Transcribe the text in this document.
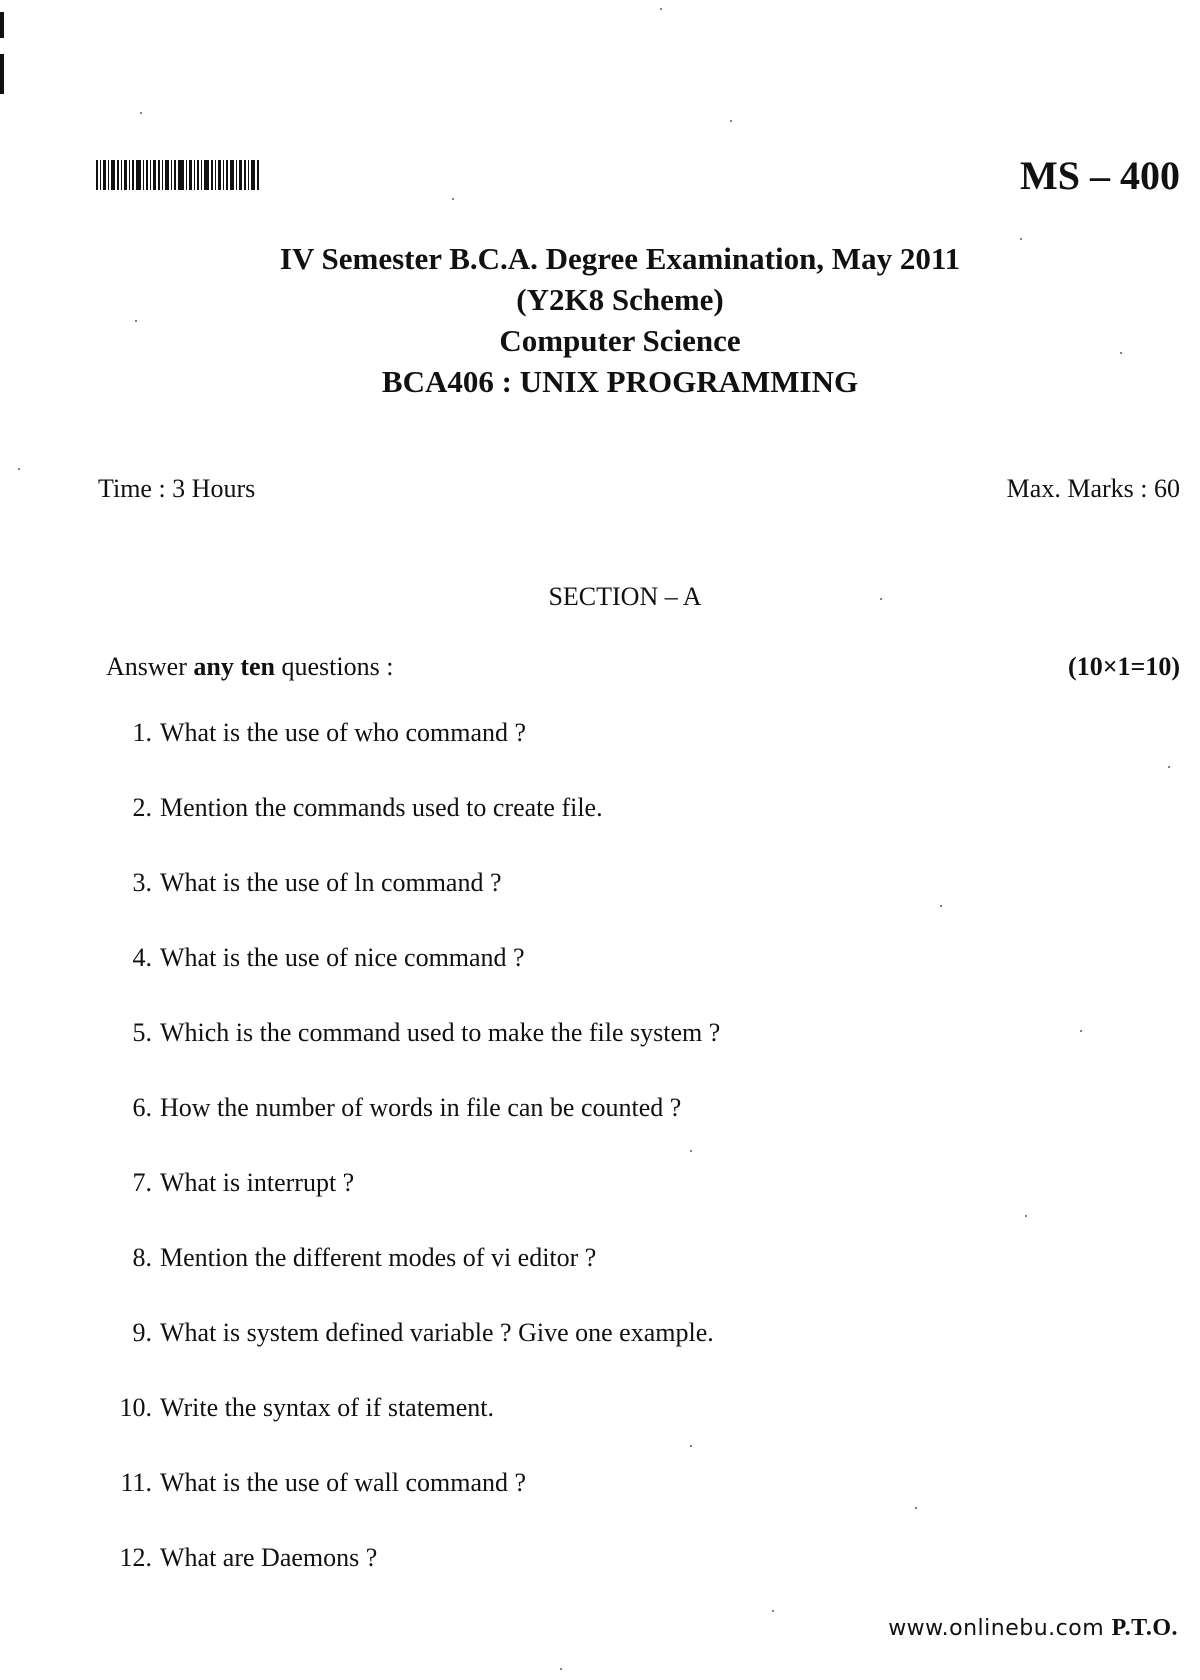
MS – 400
IV Semester B.C.A. Degree Examination, May 2011
(Y2K8 Scheme)
Computer Science
BCA406 : UNIX PROGRAMMING
Time : 3 Hours	Max. Marks : 60
SECTION – A
Answer any ten questions :	(10×1=10)
1. What is the use of who command ?
2. Mention the commands used to create file.
3. What is the use of ln command ?
4. What is the use of nice command ?
5. Which is the command used to make the file system ?
6. How the number of words in file can be counted ?
7. What is interrupt ?
8. Mention the different modes of vi editor ?
9. What is system defined variable ? Give one example.
10. Write the syntax of if statement.
11. What is the use of wall command ?
12. What are Daemons ?
www.onlinebu.com P.T.O.
